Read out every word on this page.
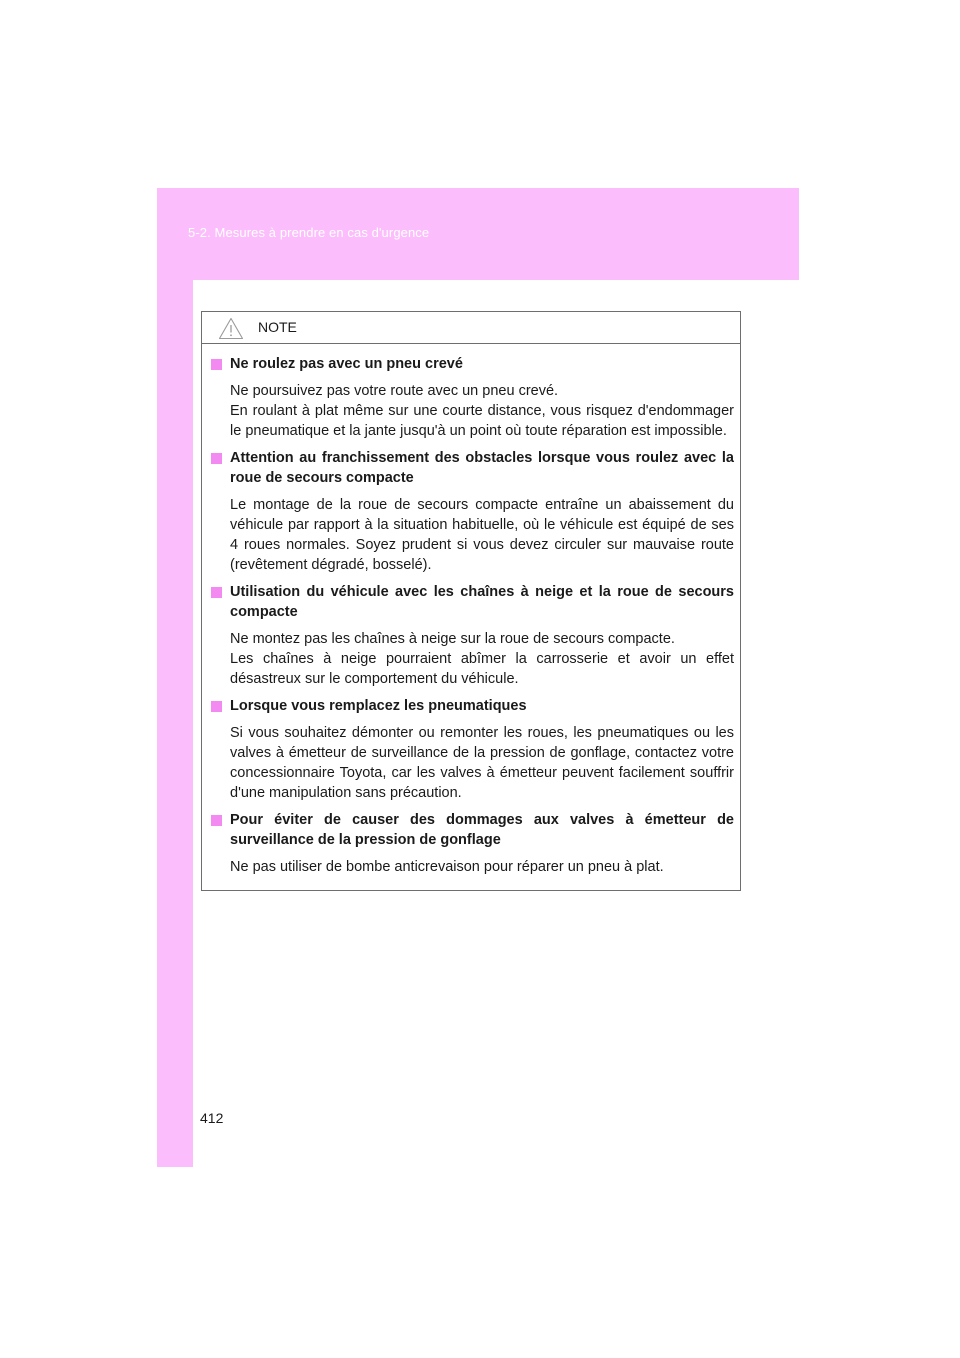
5-2. Mesures à prendre en cas d'urgence
NOTE
Ne roulez pas avec un pneu crevé

Ne poursuivez pas votre route avec un pneu crevé.

En roulant à plat même sur une courte distance, vous risquez d'endommager le pneumatique et la jante jusqu'à un point où toute réparation est impossible.

Attention au franchissement des obstacles lorsque vous roulez avec la roue de secours compacte

Le montage de la roue de secours compacte entraîne un abaissement du véhicule par rapport à la situation habituelle, où le véhicule est équipé de ses 4 roues normales. Soyez prudent si vous devez circuler sur mauvaise route (revêtement dégradé, bosselé).

Utilisation du véhicule avec les chaînes à neige et la roue de secours compacte

Ne montez pas les chaînes à neige sur la roue de secours compacte.

Les chaînes à neige pourraient abîmer la carrosserie et avoir un effet désastreux sur le comportement du véhicule.

Lorsque vous remplacez les pneumatiques

Si vous souhaitez démonter ou remonter les roues, les pneumatiques ou les valves à émetteur de surveillance de la pression de gonflage, contactez votre concessionnaire Toyota, car les valves à émetteur peuvent facilement souffrir d'une manipulation sans précaution.

Pour éviter de causer des dommages aux valves à émetteur de surveillance de la pression de gonflage

Ne pas utiliser de bombe anticrevaison pour réparer un pneu à plat.

412
